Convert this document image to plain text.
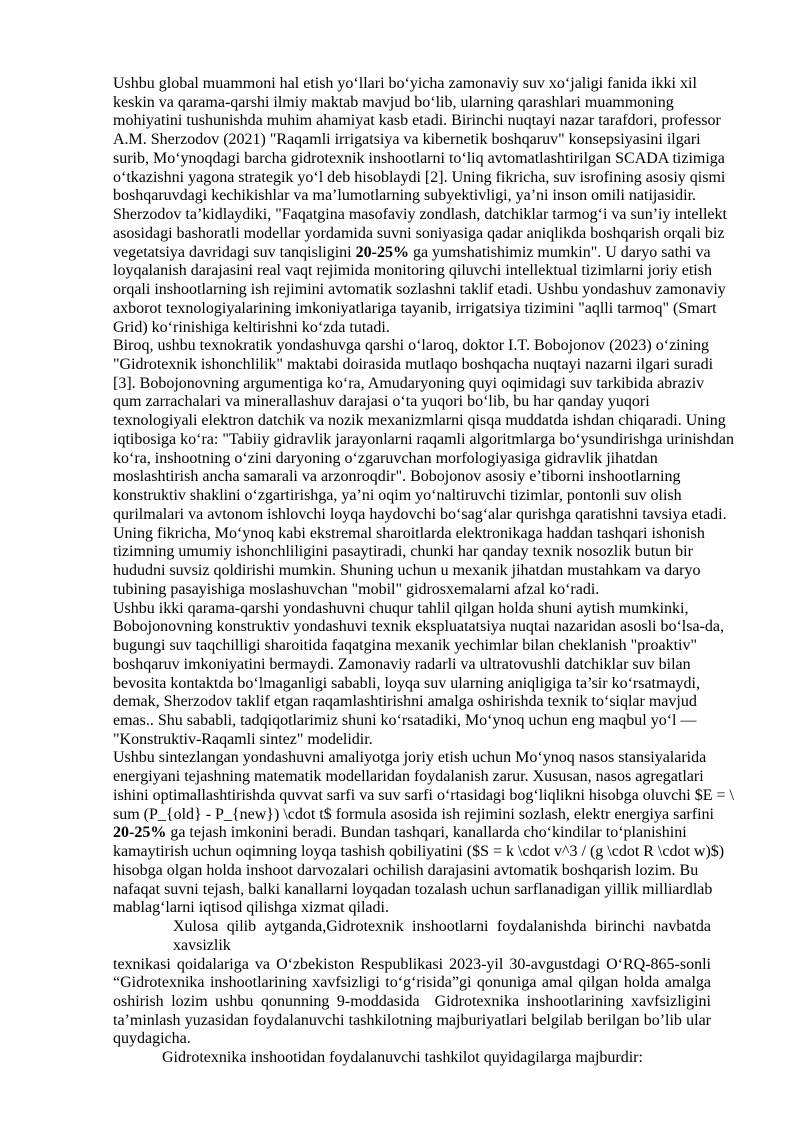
Ushbu global muammoni hal etish yo‘llari bo‘yicha zamonaviy suv xo‘jaligi fanida ikki xil
keskin va qarama-qarshi ilmiy maktab mavjud bo‘lib, ularning qarashlari muammoning
mohiyatini tushunishda muhim ahamiyat kasb etadi. Birinchi nuqtayi nazar tarafdori, professor
A.M. Sherzodov (2021) "Raqamli irrigatsiya va kibernetik boshqaruv" konsepsiyasini ilgari
surib, Mo‘ynoqdagi barcha gidrotexnik inshootlarni to‘liq avtomatlashtirilgan SCADA tizimiga
o‘tkazishni yagona strategik yo‘l deb hisoblaydi [2]. Uning fikricha, suv isrofining asosiy qismi
boshqaruvdagi kechikishlar va ma’lumotlarning subyektivligi, ya’ni inson omili natijasidir.
Sherzodov ta’kidlaydiki, "Faqatgina masofaviy zondlash, datchiklar tarmog‘i va sun’iy intellekt
asosidagi bashoratli modellar yordamida suvni soniyasiga qadar aniqlikda boshqarish orqali biz
vegetatsiya davridagi suv tanqisligini 20-25% ga yumshatishimiz mumkin". U daryo sathi va
loyqalanish darajasini real vaqt rejimida monitoring qiluvchi intellektual tizimlarni joriy etish
orqali inshootlarning ish rejimini avtomatik sozlashni taklif etadi. Ushbu yondashuv zamonaviy
axborot texnologiyalarining imkoniyatlariga tayanib, irrigatsiya tizimini "aqlli tarmoq" (Smart
Grid) ko‘rinishiga keltirishni ko‘zda tutadi.
Biroq, ushbu texnokratik yondashuvga qarshi o‘laroq, doktor I.T. Bobojonov (2023) o‘zining
"Gidrotexnik ishonchlilik" maktabi doirasida mutlaqo boshqacha nuqtayi nazarni ilgari suradi
[3]. Bobojonovning argumentiga ko‘ra, Amudaryoning quyi oqimidagi suv tarkibida abraziv
qum zarrachalari va minerallashuv darajasi o‘ta yuqori bo‘lib, bu har qanday yuqori
texnologiyali elektron datchik va nozik mexanizmlarni qisqa muddatda ishdan chiqaradi. Uning
iqtibosiga ko‘ra: "Tabiiy gidravlik jarayonlarni raqamli algoritmlarga bo‘ysundirishga urinishdan
ko‘ra, inshootning o‘zini daryoning o‘zgaruvchan morfologiyasiga gidravlik jihatdan
moslashtirish ancha samarali va arzonroqdir". Bobojonov asosiy e’tiborni inshootlarning
konstruktiv shaklini o‘zgartirishga, ya’ni oqim yo‘naltiruvchi tizimlar, pontonli suv olish
qurilmalari va avtonom ishlovchi loyqa haydovchi bo‘sag‘alar qurishga qaratishni tavsiya etadi.
Uning fikricha, Mo‘ynoq kabi ekstremal sharoitlarda elektronikaga haddan tashqari ishonish
tizimning umumiy ishonchliligini pasaytiradi, chunki har qanday texnik nosozlik butun bir
hududni suvsiz qoldirishi mumkin. Shuning uchun u mexanik jihatdan mustahkam va daryo
tubining pasayishiga moslashuvchan "mobil" gidrosxemalarni afzal ko‘radi.
Ushbu ikki qarama-qarshi yondashuvni chuqur tahlil qilgan holda shuni aytish mumkinki,
Bobojonovning konstruktiv yondashuvi texnik ekspluatatsiya nuqtai nazaridan asosli bo‘lsa-da,
bugungi suv taqchilligi sharoitida faqatgina mexanik yechimlar bilan cheklanish "proaktiv"
boshqaruv imkoniyatini bermaydi. Zamonaviy radarli va ultratovushli datchiklar suv bilan
bevosita kontaktda bo‘lmaganligi sababli, loyqa suv ularning aniqligiga ta’sir ko‘rsatmaydi,
demak, Sherzodov taklif etgan raqamlashtirishni amalga oshirishda texnik to‘siqlar mavjud
emas.. Shu sababli, tadqiqotlarimiz shuni ko‘rsatadiki, Mo‘ynoq uchun eng maqbul yo‘l —
"Konstruktiv-Raqamli sintez" modelidir.
Ushbu sintezlangan yondashuvni amaliyotga joriy etish uchun Mo‘ynoq nasos stansiyalarida
energiyani tejashning matematik modellaridan foydalanish zarur. Xususan, nasos agregatlari
ishini optimallashtirishda quvvat sarfi va suv sarfi o‘rtasidagi bog‘liqlikni hisobga oluvchi $E = \
sum (P_{old} - P_{new}) \cdot t$ formula asosida ish rejimini sozlash, elektr energiya sarfini
20-25% ga tejash imkonini beradi. Bundan tashqari, kanallarda cho‘kindilar to‘planishini
kamaytirish uchun oqimning loyqa tashish qobiliyatini ($S = k \cdot v^3 / (g \cdot R \cdot w)$)
hisobga olgan holda inshoot darvozalari ochilish darajasini avtomatik boshqarish lozim. Bu
nafaqat suvni tejash, balki kanallarni loyqadan tozalash uchun sarflanadigan yillik milliardlab
mablag‘larni iqtisod qilishga xizmat qiladi.
Xulosa qilib aytganda,Gidrotexnik inshootlarni foydalanishda birinchi navbatda xavsizlik
texnikasi qoidalariga va O‘zbekiston Respublikasi 2023-yil 30-avgustdagi O‘RQ-865-sonli
“Gidrotexnika inshootlarining xavfsizligi to‘g‘risida”gi qonuniga amal qilgan holda amalga
oshirish lozim ushbu qonunning 9-moddasida  Gidrotexnika inshootlarining xavfsizligini
ta’minlash yuzasidan foydalanuvchi tashkilotning majburiyatlari belgilab berilgan bo’lib ular
quydagicha.
Gidrotexnika inshootidan foydalanuvchi tashkilot quyidagilarga majburdir:
